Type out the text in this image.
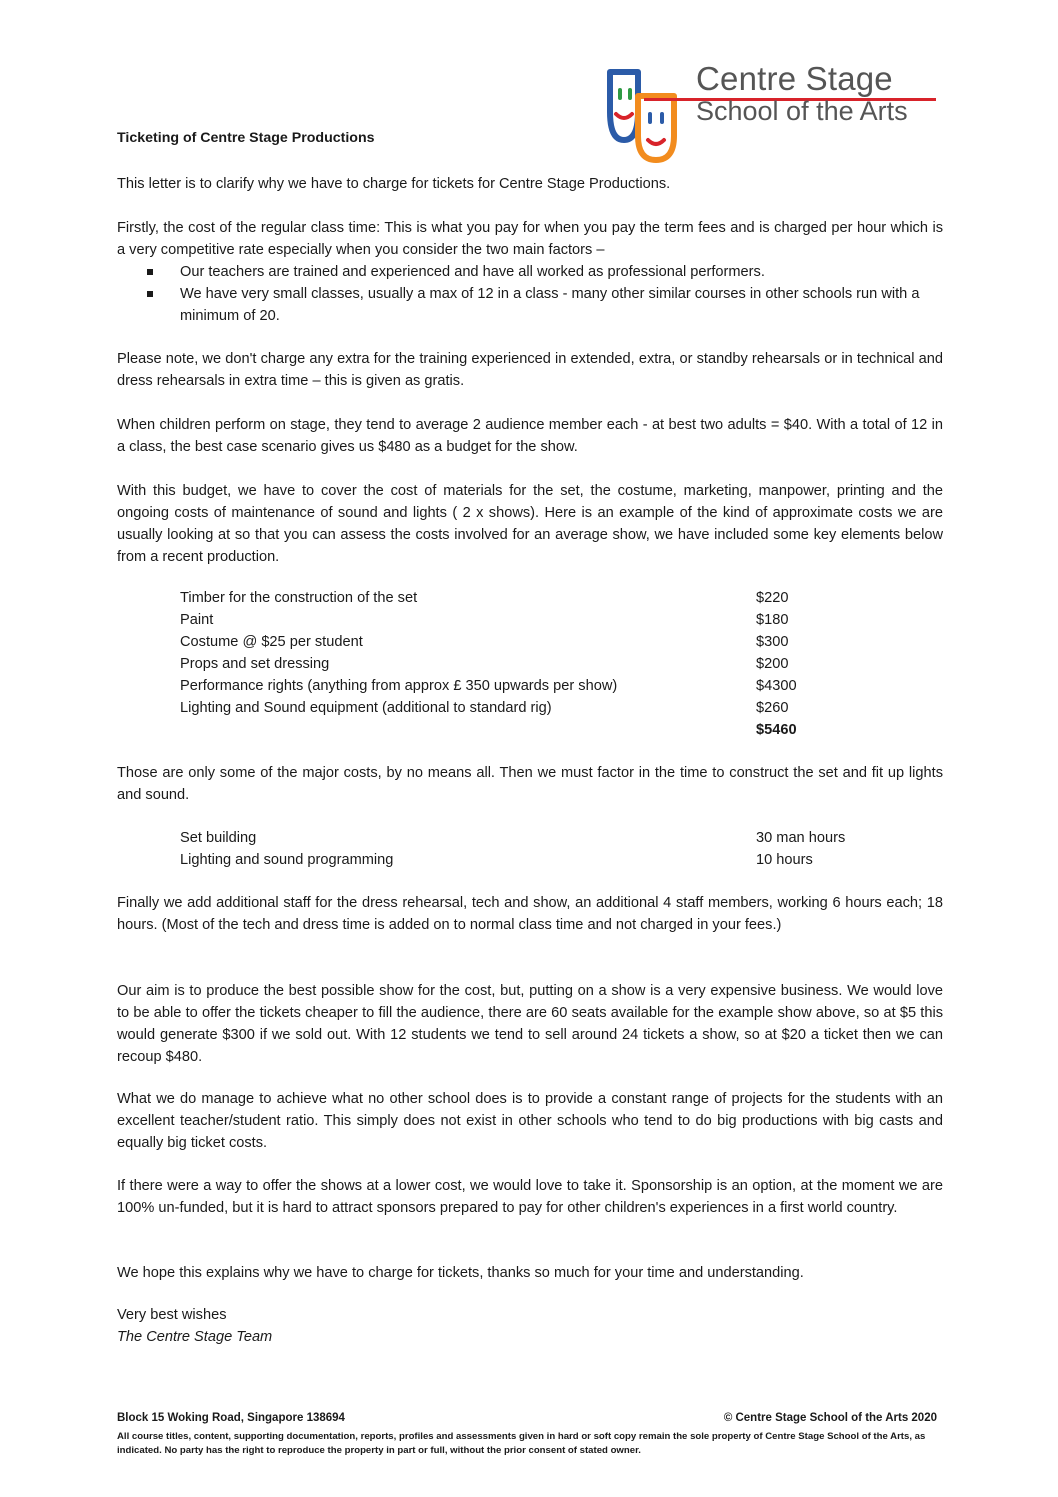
Centre Stage
School of the Arts
Ticketing of Centre Stage Productions

This letter is to clarify why we have to charge for tickets for Centre Stage Productions.

Firstly, the cost of the regular class time: This is what you pay for when you pay the term fees and is charged per hour which is a very competitive rate especially when you consider the two main factors –

Our teachers are trained and experienced and have all worked as professional performers.
We have very small classes, usually a max of 12 in a class - many other similar courses in other schools run with a minimum of 20.

Please note, we don't charge any extra for the training experienced in extended, extra, or standby rehearsals or in technical and dress rehearsals in extra time – this is given as gratis.

When children perform on stage, they tend to average 2 audience member each - at best two adults = $40. With a total of 12 in a class, the best case scenario gives us $480 as a budget for the show.

With this budget, we have to cover the cost of materials for the set, the costume, marketing, manpower, printing and the ongoing costs of maintenance of sound and lights ( 2 x shows). Here is an example of the kind of approximate costs we are usually looking at so that you can assess the costs involved for an average show, we have included some key elements below from a recent production.

Timber for the construction of the set	$220
Paint	$180
Costume @ $25 per student	$300
Props and set dressing	$200
Performance rights (anything from approx £ 350 upwards per show)	$4300
Lighting and Sound equipment (additional to standard rig)	$260
	$5460

Those are only some of the major costs, by no means all. Then we must factor in the time to construct the set and fit up lights and sound.

Set building	30 man hours
Lighting and sound programming	10 hours

Finally we add additional staff for the dress rehearsal, tech and show, an additional 4 staff members, working 6 hours each; 18 hours. (Most of the tech and dress time is added on to normal class time and not charged in your fees.)

Our aim is to produce the best possible show for the cost, but, putting on a show is a very expensive business. We would love to be able to offer the tickets cheaper to fill the audience, there are 60 seats available for the example show above, so at $5 this would generate $300 if we sold out. With 12 students we tend to sell around 24 tickets a show, so at $20 a ticket then we can recoup $480.

What we do manage to achieve what no other school does is to provide a constant range of projects for the students with an excellent teacher/student ratio. This simply does not exist in other schools who tend to do big productions with big casts and equally big ticket costs.

If there were a way to offer the shows at a lower cost, we would love to take it. Sponsorship is an option, at the moment we are 100% un-funded, but it is hard to attract sponsors prepared to pay for other children's experiences in a first world country.

We hope this explains why we have to charge for tickets, thanks so much for your time and understanding.

Very best wishes
The Centre Stage Team
Block 15 Woking Road, Singapore 138694	© Centre Stage School of the Arts 2020
All course titles, content, supporting documentation, reports, profiles and assessments given in hard or soft copy remain the sole property of Centre Stage School of the Arts, as indicated. No party has the right to reproduce the property in part or full, without the prior consent of stated owner.
